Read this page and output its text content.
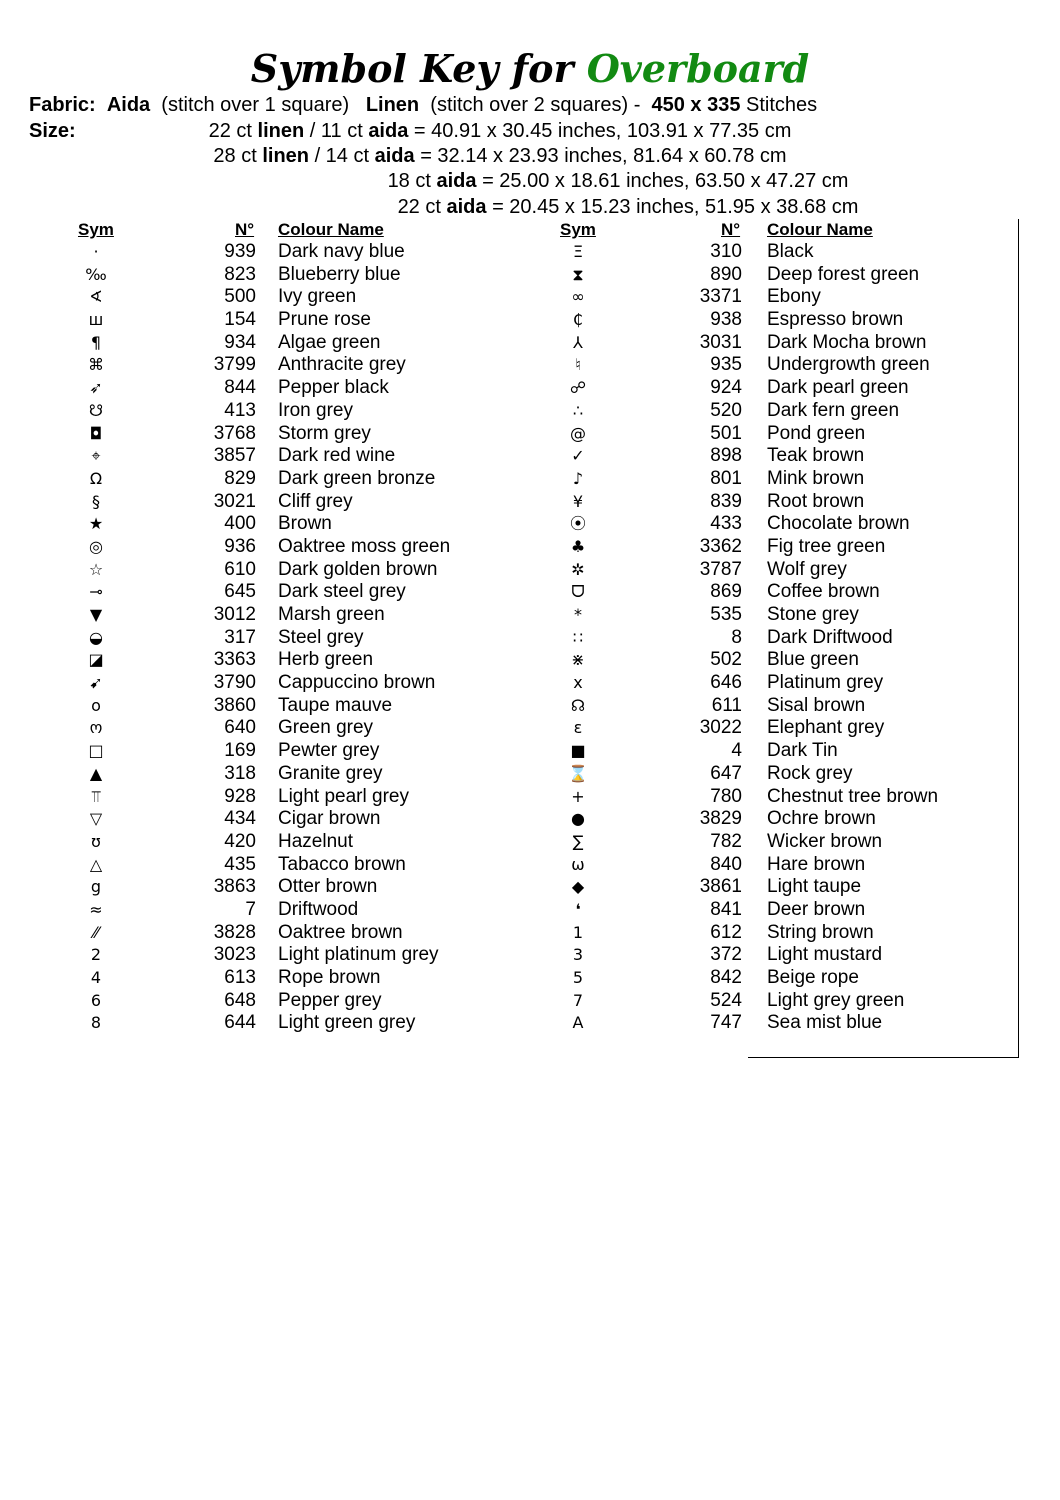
Symbol Key for Overboard
Fabric: Aida (stitch over 1 square) Linen (stitch over 2 squares) - 450 x 335 Stitches
Size:	22 ct linen / 11 ct aida = 40.91 x 30.45 inches, 103.91 x 77.35 cm
28 ct linen / 14 ct aida = 32.14 x 23.93 inches, 81.64 x 60.78 cm
18 ct aida = 25.00 x 18.61 inches, 63.50 x 47.27 cm
22 ct aida = 20.45 x 15.23 inches, 51.95 x 38.68 cm
Sym	N° Colour Name	Sym	N° Colour Name
·	939 Dark navy blue	Ξ	310 Black
‰	823 Blueberry blue	⧗	890 Deep forest green
∢	500 Ivy green	∞	3371 Ebony
ш	154 Prune rose	₵	938 Espresso brown
¶	934 Algae green	⅄	3031 Dark Mocha brown
⌘	3799 Anthracite grey	♮	935 Undergrowth green
➶	844 Pepper black	☍	924 Dark pearl green
☋	413 Iron grey	∴	520 Dark fern green
◘	3768 Storm grey	@	501 Pond green
⌖	3857 Dark red wine	✓	898 Teak brown
Ω	829 Dark green bronze	♪	801 Mink brown
§	3021 Cliff grey	¥	839 Root brown
★	400 Brown	⦿	433 Chocolate brown
◎	936 Oaktree moss green	♣	3362 Fig tree green
☆	610 Dark golden brown	✲	3787 Wolf grey
⊸	645 Dark steel grey	ᗜ	869 Coffee brown
▼	3012 Marsh green	*	535 Stone grey
◒	317 Steel grey	∷	8 Dark Driftwood
◪	3363 Herb green	⋇	502 Blue green
➹	3790 Cappuccino brown	x	646 Platinum grey
o	3860 Taupe mauve	☊	611 Sisal brown
ო	640 Green grey	ε	3022 Elephant grey
□	169 Pewter grey	■	4 Dark Tin
▲	318 Granite grey	⌛	647 Rock grey
⫪	928 Light pearl grey	+	780 Chestnut tree brown
▽	434 Cigar brown	●	3829 Ochre brown
ʊ	420 Hazelnut	∑	782 Wicker brown
△	435 Tabacco brown	ω	840 Hare brown
g	3863 Otter brown	◆	3861 Light taupe
≈	7 Driftwood	❛	841 Deer brown
⁄⁄	3828 Oaktree brown	1	612 String brown
2	3023 Light platinum grey	3	372 Light mustard
4	613 Rope brown	5	842 Beige rope
6	648 Pepper grey	7	524 Light grey green
8	644 Light green grey	A	747 Sea mist blue
